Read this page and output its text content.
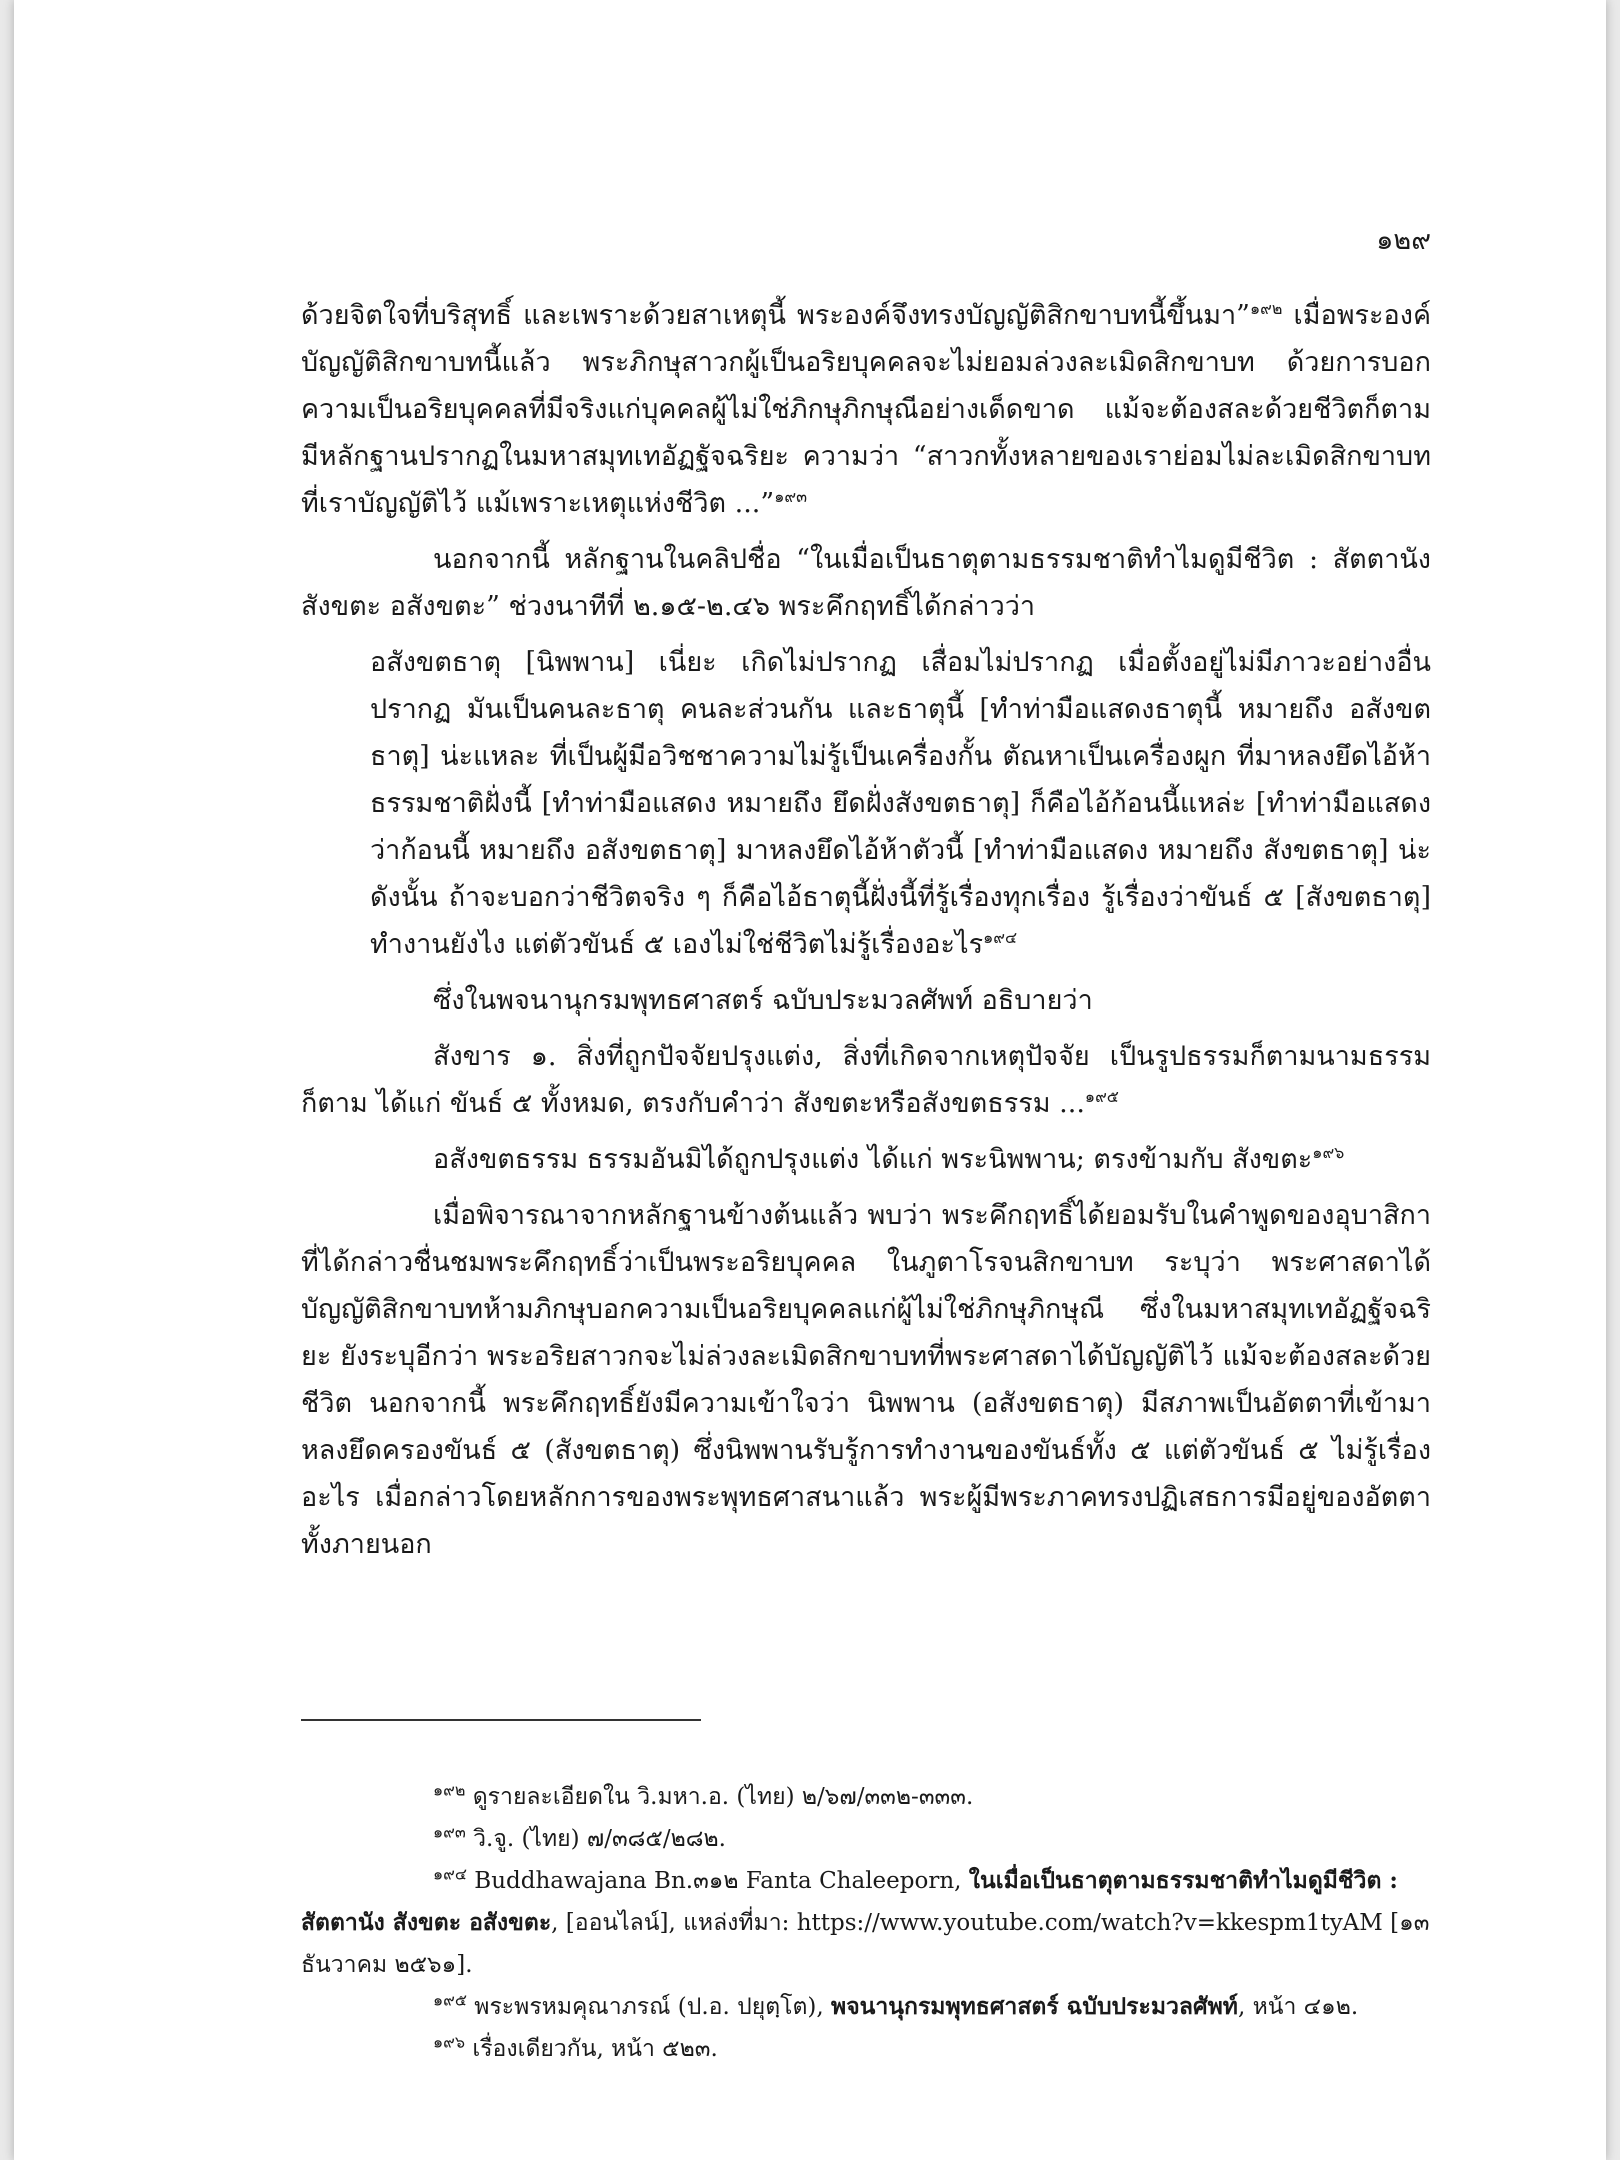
๑๒๙

ด้วยจิตใจที่บริสุทธิ์ และเพราะด้วยสาเหตุนี้ พระองค์จึงทรงบัญญัติสิกขาบทนี้ขึ้นมา”$^{๑๙๒}$ เมื่อพระองค์บัญญัติสิกขาบทนี้แล้ว พระภิกษุสาวกผู้เป็นอริยบุคคลจะไม่ยอมล่วงละเมิดสิกขาบท ด้วยการบอกความเป็นอริยบุคคลที่มีจริงแก่บุคคลผู้ไม่ใช่ภิกษุภิกษุณีอย่างเด็ดขาด แม้จะต้องสละด้วยชีวิตก็ตาม มีหลักฐานปรากฏในมหาสมุทเทอัฏฐัจฉริยะ ความว่า “สาวกทั้งหลายของเราย่อมไม่ละเมิดสิกขาบทที่เราบัญญัติไว้ แม้เพราะเหตุแห่งชีวิต ...”$^{๑๙๓}$

นอกจากนี้ หลักฐานในคลิปชื่อ “ในเมื่อเป็นธาตุตามธรรมชาติทำไมดูมีชีวิต : สัตตานัง สังขตะ อสังขตะ” ช่วงนาทีที่ ๒.๑๕-๒.๔๖ พระคึกฤทธิ์ได้กล่าวว่า

อสังขตธาตุ [นิพพาน] เนี่ยะ เกิดไม่ปรากฏ เสื่อมไม่ปรากฏ เมื่อตั้งอยู่ไม่มีภาวะอย่างอื่นปรากฏ มันเป็นคนละธาตุ คนละส่วนกัน และธาตุนี้ [ทำท่ามือแสดงธาตุนี้ หมายถึง อสังขตธาตุ] น่ะแหละ ที่เป็นผู้มีอวิชชาความไม่รู้เป็นเครื่องกั้น ตัณหาเป็นเครื่องผูก ที่มาหลงยึดไอ้ห้าธรรมชาติฝั่งนี้ [ทำท่ามือแสดง หมายถึง ยึดฝั่งสังขตธาตุ] ก็คือไอ้ก้อนนี้แหล่ะ [ทำท่ามือแสดงว่าก้อนนี้ หมายถึง อสังขตธาตุ] มาหลงยึดไอ้ห้าตัวนี้ [ทำท่ามือแสดง หมายถึง สังขตธาตุ] น่ะดังนั้น ถ้าจะบอกว่าชีวิตจริง ๆ ก็คือไอ้ธาตุนี้ฝั่งนี้ที่รู้เรื่องทุกเรื่อง รู้เรื่องว่าขันธ์ ๕ [สังขตธาตุ] ทำงานยังไง แต่ตัวขันธ์ ๕ เองไม่ใช่ชีวิตไม่รู้เรื่องอะไร$^{๑๙๔}$

ซึ่งในพจนานุกรมพุทธศาสตร์ ฉบับประมวลศัพท์ อธิบายว่า

สังขาร ๑. สิ่งที่ถูกปัจจัยปรุงแต่ง, สิ่งที่เกิดจากเหตุปัจจัย เป็นรูปธรรมก็ตามนามธรรมก็ตาม ได้แก่ ขันธ์ ๕ ทั้งหมด, ตรงกับคำว่า สังขตะหรือสังขตธรรม ...$^{๑๙๕}$

อสังขตธรรม ธรรมอันมิได้ถูกปรุงแต่ง ได้แก่ พระนิพพาน; ตรงข้ามกับ สังขตะ$^{๑๙๖}$

เมื่อพิจารณาจากหลักฐานข้างต้นแล้ว พบว่า พระคึกฤทธิ์ได้ยอมรับในคำพูดของอุบาสิกาที่ได้กล่าวชื่นชมพระคึกฤทธิ์ว่าเป็นพระอริยบุคคล ในภูตาโรจนสิกขาบท ระบุว่า พระศาสดาได้บัญญัติสิกขาบทห้ามภิกษุบอกความเป็นอริยบุคคลแก่ผู้ไม่ใช่ภิกษุภิกษุณี ซึ่งในมหาสมุทเทอัฏฐัจฉริยะ ยังระบุอีกว่า พระอริยสาวกจะไม่ล่วงละเมิดสิกขาบทที่พระศาสดาได้บัญญัติไว้ แม้จะต้องสละด้วยชีวิต นอกจากนี้ พระคึกฤทธิ์ยังมีความเข้าใจว่า นิพพาน (อสังขตธาตุ) มีสภาพเป็นอัตตาที่เข้ามาหลงยึดครองขันธ์ ๕ (สังขตธาตุ) ซึ่งนิพพานรับรู้การทำงานของขันธ์ทั้ง ๕ แต่ตัวขันธ์ ๕ ไม่รู้เรื่องอะไร เมื่อกล่าวโดยหลักการของพระพุทธศาสนาแล้ว พระผู้มีพระภาคทรงปฏิเสธการมีอยู่ของอัตตาทั้งภายนอก

$^{๑๙๒}$ ดูรายละเอียดใน วิ.มหา.อ. (ไทย) ๒/๖๗/๓๓๒-๓๓๓.

$^{๑๙๓}$ วิ.จู. (ไทย) ๗/๓๘๕/๒๘๒.

$^{๑๙๔}$ Buddhawajana Bn.๓๑๒ Fanta Chaleeporn, ในเมื่อเป็นธาตุตามธรรมชาติทำไมดูมีชีวิต : สัตตานัง สังขตะ อสังขตะ, [ออนไลน์], แหล่งที่มา: https://www.youtube.com/watch?v=kkespm1tyAM [๑๓ ธันวาคม ๒๕๖๑].

$^{๑๙๕}$ พระพรหมคุณาภรณ์ (ป.อ. ปยุตฺโต), พจนานุกรมพุทธศาสตร์ ฉบับประมวลศัพท์, หน้า ๔๑๒.

$^{๑๙๖}$ เรื่องเดียวกัน, หน้า ๕๒๓.
